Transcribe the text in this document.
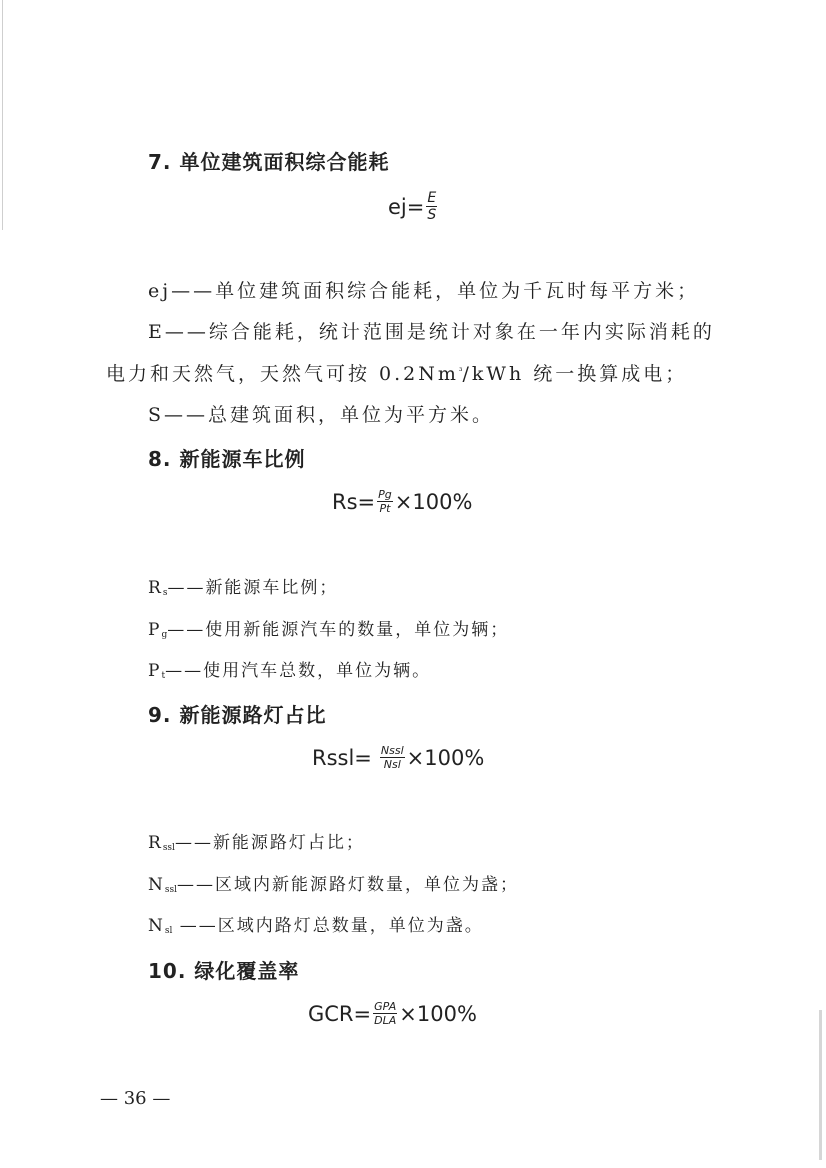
7. 单位建筑面积综合能耗
$ej= \frac{E}{S}$
ej——单位建筑面积综合能耗，单位为千瓦时每平方米；
E——综合能耗，统计范围是统计对象在一年内实际消耗的
电力和天然气，天然气可按 $0.2Nm^{^3}$/kWh 统一换算成电；
S——总建筑面积，单位为平方米。
8. 新能源车比例
$Rs= \frac{Pg}{Pt} \times 100\%$
$R_s——$新能源车比例；
$P_g——$使用新能源汽车的数量，单位为辆；
$P_t——$使用汽车总数，单位为辆。
9. 新能源路灯占比
Rssl= $\frac{\text{Nssl}}{\text{Nsl}} \times 100\%$
$R_{ssl}——$新能源路灯占比；
$N_{ssl}——$区域内新能源路灯数量，单位为盏；
$N_{sl}$ ——区域内路灯总数量，单位为盏。
10. 绿化覆盖率
$GCR= \frac{\text{GPA}}{\text{DLA}} \times 100\%$
— 36 —
